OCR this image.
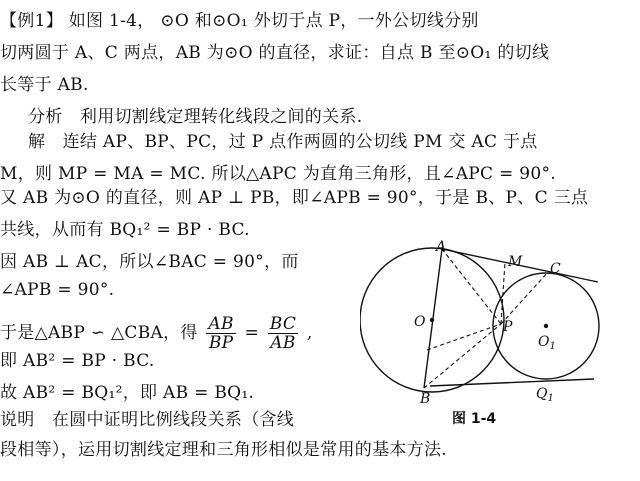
【例1】 如图 1-4， ⊙O 和⊙O₁ 外切于点 P，一外公切线分别
切两圆于 A、C 两点，AB 为⊙O 的直径，求证：自点 B 至⊙O₁ 的切线
长等于 AB.
分析　利用切割线定理转化线段之间的关系.
解　连结 AP、BP、PC，过 P 点作两圆的公切线 PM 交 AC 于点
M，则 MP = MA = MC. 所以△APC 为直角三角形，且∠APC = 90°.
又 AB 为⊙O 的直径，则 AP ⊥ PB，即∠APB = 90°，于是 B、P、C 三点
共线，从而有 BQ₁² = BP · BC.
因 AB ⊥ AC，所以∠BAC = 90°，而
∠APB = 90°.
于是△ABP ∽ △CBA，得 $\frac{AB}{BP} = \frac{BC}{AB}$ ,
即 AB² = BP · BC.
故 AB² = BQ₁²，即 AB = BQ₁.
说明　在圆中证明比例线段关系（含线
段相等），运用切割线定理和三角形相似是常用的基本方法.
A
B
C
M
O	P
$O_1$
$Q_1$
图 1-4
